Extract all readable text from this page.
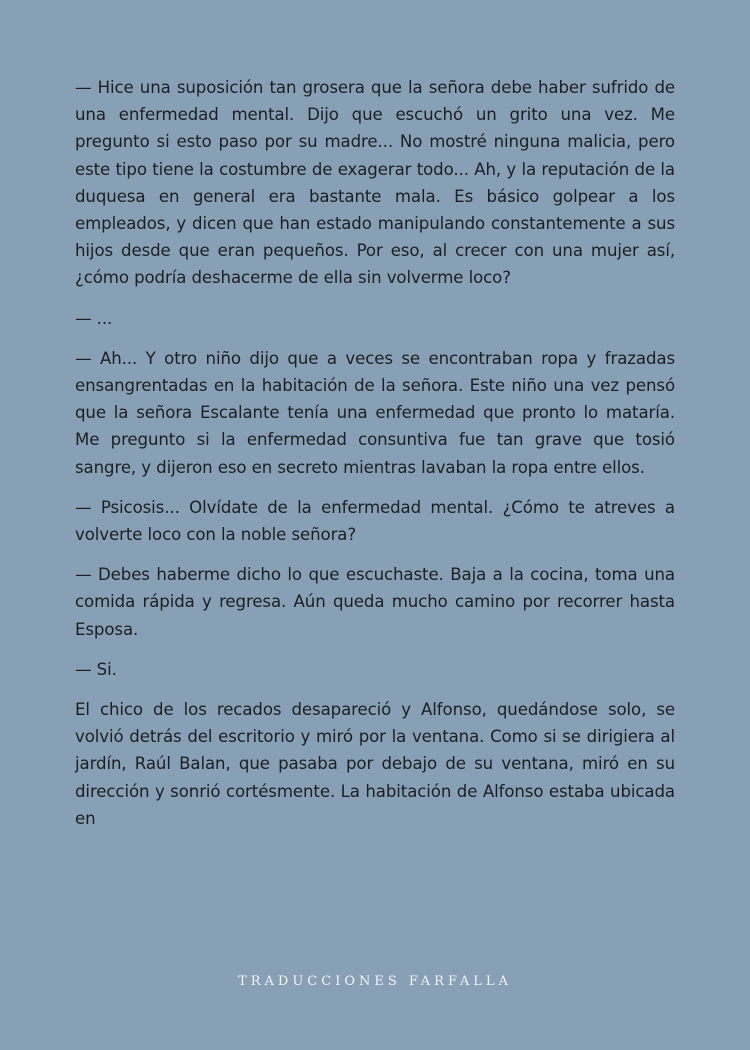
— Hice una suposición tan grosera que la señora debe haber sufrido de una enfermedad mental. Dijo que escuchó un grito una vez. Me pregunto si esto paso por su madre... No mostré ninguna malicia, pero este tipo tiene la costumbre de exagerar todo... Ah, y la reputación de la duquesa en general era bastante mala. Es básico golpear a los empleados, y dicen que han estado manipulando constantemente a sus hijos desde que eran pequeños. Por eso, al crecer con una mujer así, ¿cómo podría deshacerme de ella sin volverme loco?

— ...

— Ah... Y otro niño dijo que a veces se encontraban ropa y frazadas ensangrentadas en la habitación de la señora. Este niño una vez pensó que la señora Escalante tenía una enfermedad que pronto lo mataría. Me pregunto si la enfermedad consuntiva fue tan grave que tosió sangre, y dijeron eso en secreto mientras lavaban la ropa entre ellos.

— Psicosis... Olvídate de la enfermedad mental. ¿Cómo te atreves a volverte loco con la noble señora?

— Debes haberme dicho lo que escuchaste. Baja a la cocina, toma una comida rápida y regresa. Aún queda mucho camino por recorrer hasta Esposa.

— Si.

El chico de los recados desapareció y Alfonso, quedándose solo, se volvió detrás del escritorio y miró por la ventana. Como si se dirigiera al jardín, Raúl Balan, que pasaba por debajo de su ventana, miró en su dirección y sonrió cortésmente. La habitación de Alfonso estaba ubicada en

TRADUCCIONES FARFALLA
